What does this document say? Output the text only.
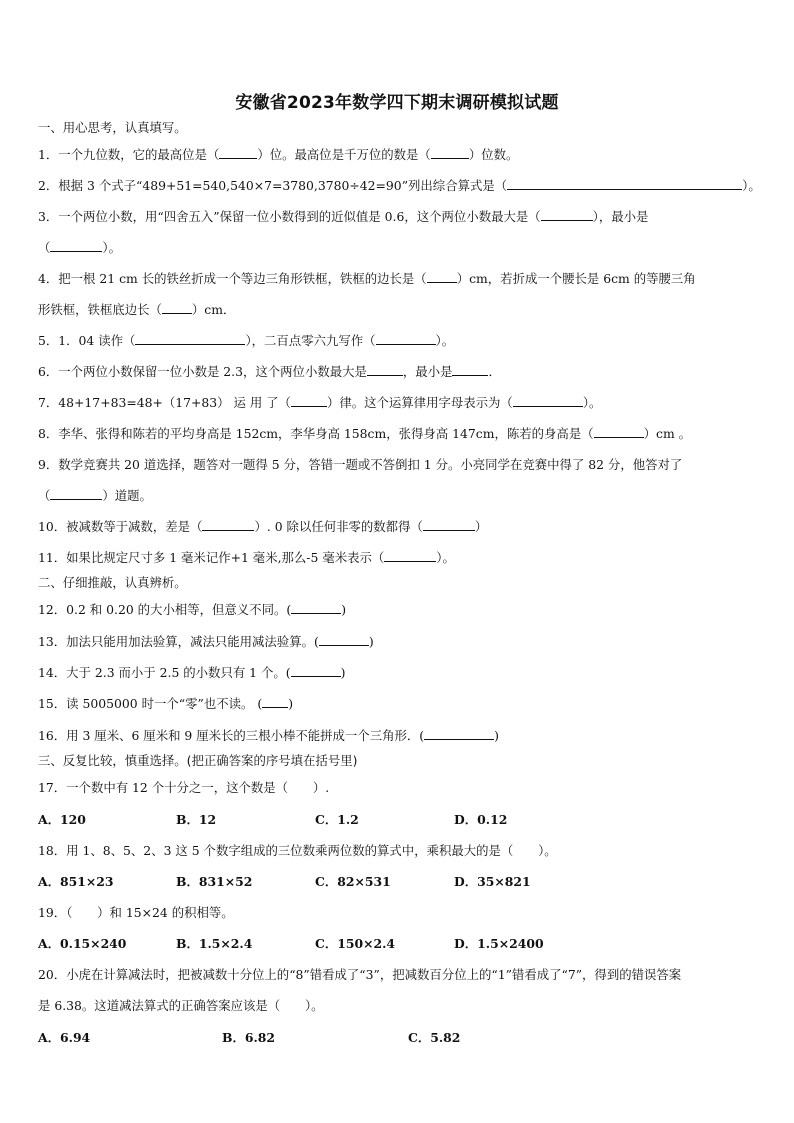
安徽省2023年数学四下期末调研模拟试题
一、用心思考，认真填写。
1．一个九位数，它的最高位是（	）位。最高位是千万位的数是（	）位数。
2．根据 3 个式子“489+51=540,540×7=3780,3780÷42=90”列出综合算式是（	）。
3．一个两位小数，用“四舍五入”保留一位小数得到的近似值是 0.6，这个两位小数最大是（	），最小是
（	）。
4．把一根 21 cm 长的铁丝折成一个等边三角形铁框，铁框的边长是（ ）cm，若折成一个腰长是 6cm 的等腰三角
形铁框，铁框底边长（ ）cm．
5．1．04 读作（	），二百点零六九写作（	）。
6．一个两位小数保留一位小数是 2.3，这个两位小数最大是	，最小是	．
7．48+17+83=48+（17+83） 运 用 了（	）律。这个运算律用字母表示为（	）。
8．李华、张得和陈若的平均身高是 152cm，李华身高 158cm，张得身高 147cm，陈若的身高是（	）cm 。
9．数学竞赛共 20 道选择，题答对一题得 5 分，答错一题或不答倒扣 1 分。小亮同学在竞赛中得了 82 分，他答对了
（	）道题。
10．被减数等于减数，差是（	）. 0 除以任何非零的数都得（	）
11．如果比规定尺寸多 1 毫米记作+1 毫米,那么-5 毫米表示（	）。
二、仔细推敲，认真辨析。
12．0.2 和 0.20 的大小相等，但意义不同。(	)
13．加法只能用加法验算，减法只能用减法验算。(	)
14．大于 2.3 而小于 2.5 的小数只有 1 个。(	)
15．读 5005000 时一个“零”也不读。 ( )
16．用 3 厘米、6 厘米和 9 厘米长的三根小棒不能拼成一个三角形．(	)
三、反复比较，慎重选择。(把正确答案的序号填在括号里)
17．一个数中有 12 个十分之一，这个数是（　　）.
A．120	B．12	C．1.2	D．0.12
18．用 1、8、5、2、3 这 5 个数字组成的三位数乘两位数的算式中，乘积最大的是（　　）。
A．851×23	B．831×52	C．82×531	D．35×821
19．（　　）和 15×24 的积相等。
A．0.15×240	B．1.5×2.4	C．150×2.4	D．1.5×2400
20．小虎在计算减法时，把被减数十分位上的“8”错看成了“3”，把减数百分位上的“1”错看成了“7”，得到的错误答案
是 6.38。这道减法算式的正确答案应该是（　　）。
A．6.94	B．6.82	C．5.82
